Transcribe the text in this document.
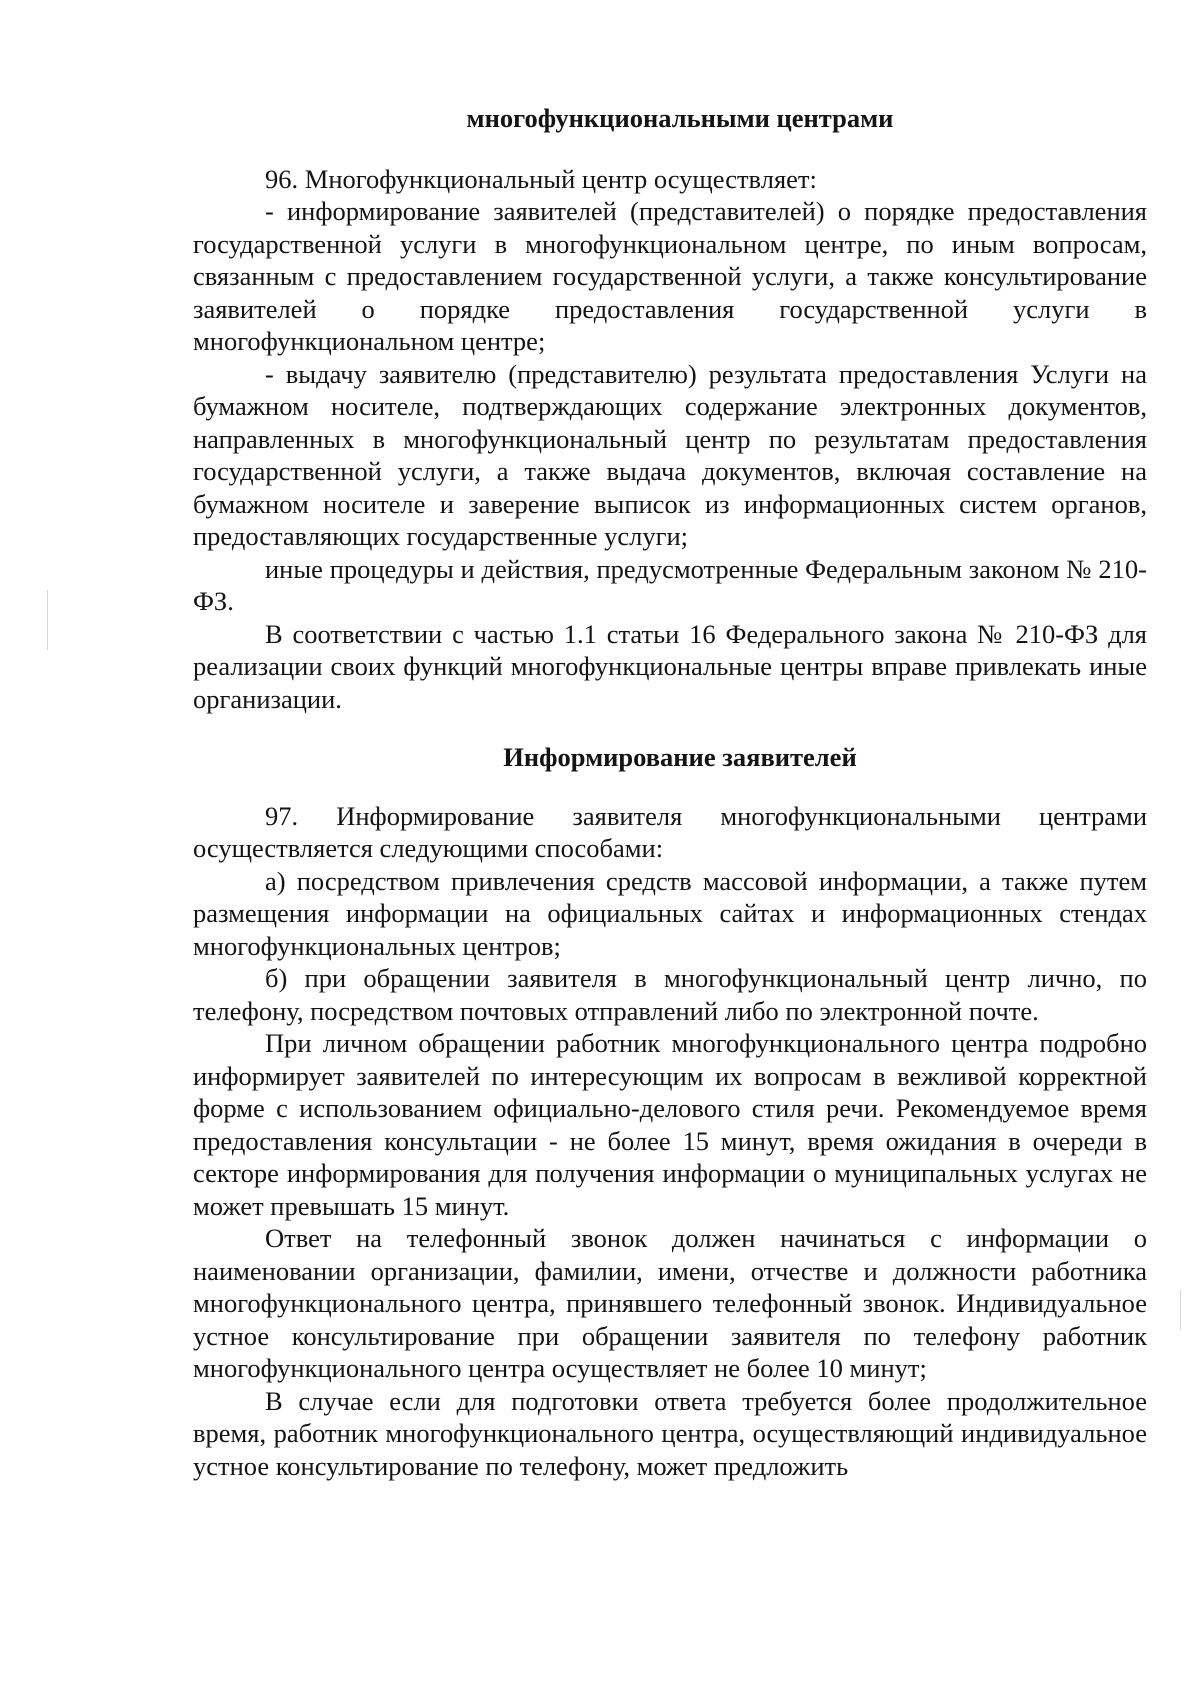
многофункциональными центрами

96. Многофункциональный центр осуществляет:

- информирование заявителей (представителей) о порядке предоставления государственной услуги в многофункциональном центре, по иным вопросам, связанным с предоставлением государственной услуги, а также консультирование заявителей о порядке предоставления государственной услуги в многофункциональном центре;

- выдачу заявителю (представителю) результата предоставления Услуги на бумажном носителе, подтверждающих содержание электронных документов, направленных в многофункциональный центр по результатам предоставления государственной услуги, а также выдача документов, включая составление на бумажном носителе и заверение выписок из информационных систем органов, предоставляющих государственные услуги;

иные процедуры и действия, предусмотренные Федеральным законом № 210-ФЗ.

В соответствии с частью 1.1 статьи 16 Федерального закона № 210-ФЗ для реализации своих функций многофункциональные центры вправе привлекать иные организации.

Информирование заявителей

97. Информирование заявителя многофункциональными центрами осуществляется следующими способами:

а) посредством привлечения средств массовой информации, а также путем размещения информации на официальных сайтах и информационных стендах многофункциональных центров;

б) при обращении заявителя в многофункциональный центр лично, по телефону, посредством почтовых отправлений либо по электронной почте.

При личном обращении работник многофункционального центра подробно информирует заявителей по интересующим их вопросам в вежливой корректной форме с использованием официально-делового стиля речи. Рекомендуемое время предоставления консультации - не более 15 минут, время ожидания в очереди в секторе информирования для получения информации о муниципальных услугах не может превышать 15 минут.

Ответ на телефонный звонок должен начинаться с информации о наименовании организации, фамилии, имени, отчестве и должности работника многофункционального центра, принявшего телефонный звонок. Индивидуальное устное консультирование при обращении заявителя по телефону работник многофункционального центра осуществляет не более 10 минут;

В случае если для подготовки ответа требуется более продолжительное время, работник многофункционального центра, осуществляющий индивидуальное устное консультирование по телефону, может предложить
